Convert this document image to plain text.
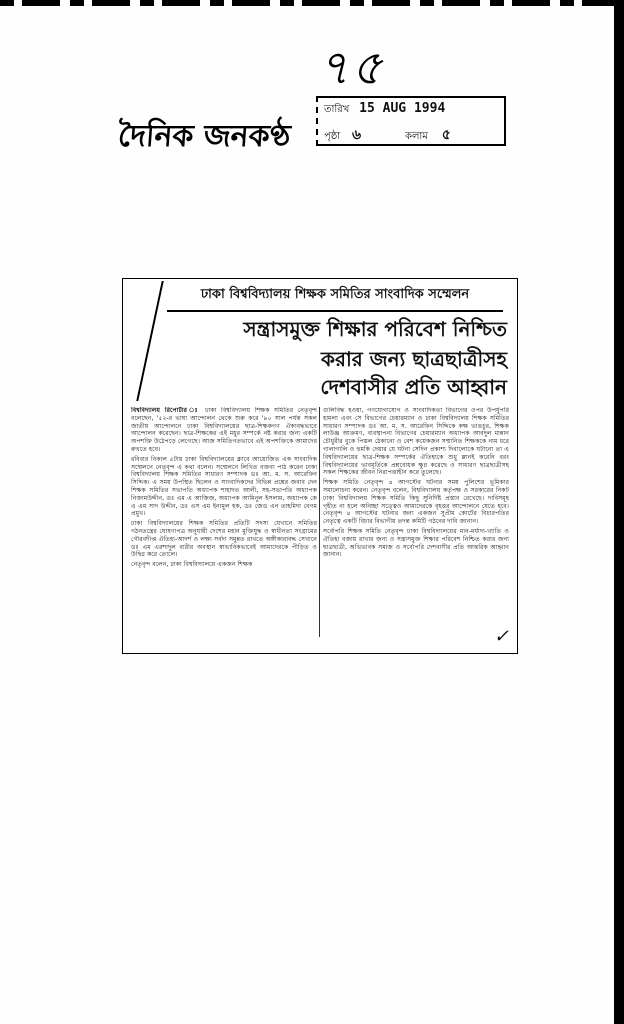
৭৫
দৈনিক জনকণ্ঠ
তারিখ 15 AUG 1994
পৃষ্ঠা ৬	কলাম ৫
ঢাকা বিশ্ববিদ্যালয় শিক্ষক সমিতির সাংবাদিক সম্মেলন
সন্ত্রাসমুক্ত শিক্ষার পরিবেশ নিশ্চিত
করার জন্য ছাত্রছাত্রীসহ
দেশবাসীর প্রতি আহ্বান

বিশ্ববিদ্যালয় রিপোর্টার ঃ ঢাকা বিশ্ববিদ্যালয় শিক্ষক সমিতির নেতৃবৃন্দ বলেছেন, '৫২-র ভাষা আন্দোলন থেকে শুরু করে '৯০ সাল পর্যন্ত সকল জাতীয় আন্দোলনে ঢাকা বিশ্ববিদ্যালয়ের ছাত্র-শিক্ষকগণ ঐক্যবদ্ধভাবে আন্দোলন করেছেন। ছাত্র-শিক্ষকের এই মধুর সম্পর্কে নষ্ট করার জন্য একটি অপশক্তি উঠেপড়ে লেগেছে। আজ সমিতিগতভাবে এই অপশক্তিকে আমাদের রুখতে হবে।

রবিবার বিকাল ৫টায় ঢাকা বিশ্ববিদ্যালয়ের ক্লাবে আয়োজিত এক সাংবাদিক সম্মেলনে নেতৃবৃন্দ এ কথা বলেন। সম্মেলনে লিখিত বক্তব্য পাঠ করেন ঢাকা বিশ্ববিদ্যালয় শিক্ষক সমিতির সাধারণ সম্পাদক ডঃ আ. ম. স. আরেফিন সিদ্দিক। এ সময় উপস্থিত ছিলেন ও সাংবাদিকদের বিভিন্ন প্রশ্নের জবাব দেন শিক্ষক সমিতির সভাপতি অধ্যাপক শাহাদত আলী, সহ-সভাপতি অধ্যাপক নিজামউদ্দীন, ডঃ এম এ আজিজ, অধ্যাপক আমিনুল ইসলাম, অধ্যাপক কে এ এম সাদ উদ্দীন, ডঃ এস এম ইনামুল হক, ডঃ জেড এন তাহমিদা বেগম প্রমুখ।

ঢাকা বিশ্ববিদ্যালয়ের শিক্ষক সমিতির প্রতিটি সদস্য যেখানে সমিতির গঠনতন্ত্রের ঘোষণাপত্র অনুযায়ী দেশের মহান মুক্তিযুদ্ধ ও স্বাধীনতা সংগ্রামের গৌরবদীপ্ত ঐতিহ্য-আদর্শ ও লক্ষ্য সর্বদা সমুন্নত রাখতে অঙ্গীকারাবদ্ধ সেখানে ডঃ এম এরশাদুল বারীর অবস্থান স্বাভাবিকভাবেই আমাদেরকে পীড়িত ও উদ্বিগ্ন করে তোলে।

নেতৃবৃন্দ বলেন, ঢাকা বিশ্ববিদ্যালয়ে একজন শিক্ষক

গুলিবিদ্ধ হওয়া, গণযোগাযোগ ও সাংবাদিকতা বিভাগের ওপর উপর্যুপরি হামলা এবং সে বিভাগের চেয়ারম্যান ও ঢাকা বিশ্ববিদ্যালয় শিক্ষক সমিতির সাধারণ সম্পাদক ডঃ আ. ম. স. আরেফিন সিদ্দিকে কক্ষ ভাঙচুর, শিক্ষক লাউঞ্জ আক্রমণ, ব্যবস্থাপনা বিভাগের চেয়ারম্যান অধ্যাপক আবদুল মান্নান চৌধুরীর বুকে পিস্তল ঠেকানো ও বেশ কয়েকজন সম্মানিত শিক্ষককে নাম ধরে গালাগালি ও হুমকি দেয়ার যে ঘটনা সেদিন প্রকাশ্য দিবালোকে ঘটানো তা এ বিশ্ববিদ্যালয়ের ছাত্র-শিক্ষক সম্পর্কের ঐতিহ্যকে শুধু ম্লানই করেনি বরং বিশ্ববিদ্যালয়ের ভাবমূর্তিকে প্রশ্নবোধক ক্ষুণ্ণ করেছে ও সাধারণ ছাত্রছাত্রীসহ সকল শিক্ষকের জীবন নিরাপত্তাহীন করে তুলেছে।

শিক্ষক সমিতি নেতৃবৃন্দ ৪ আগস্টের ঘটনার সময় পুলিশের ভূমিকার সমালোচনা করেন। নেতৃবৃন্দ বলেন, বিশ্ববিদ্যালয় কর্তৃপক্ষ ও সরকারের নিকট ঢাকা বিশ্ববিদ্যালয় শিক্ষক সমিতি কিছু সুনির্দিষ্ট প্রস্তাব রেখেছে। দাবিসমূহ গৃহীত না হলে অনিচ্ছা সত্ত্বেও আমাদেরকে বৃহত্তর আন্দোলনে যেতে হবে। নেতৃবৃন্দ ৪ আগস্টের ঘটনার জন্য একজন সুপ্রীম কোর্টের বিচারপতির নেতৃত্বে একটি বিচার বিভাগীয় তদন্ত কমিটি গঠনের দাবি জানান।

সর্বোপরি শিক্ষক সমিতি নেতৃবৃন্দ ঢাকা বিশ্ববিদ্যালয়ের মান-মর্যাদা-খ্যাতি ও ঐতিহ্য বজায় রাখার জন্য ও সন্ত্রাসমুক্ত শিক্ষার পরিবেশ নিশ্চিত করার জন্য ছাত্রছাত্রী, অভিভাবক সমাজ ও সর্বোপরি দেশবাসীর প্রতি আন্তরিক আহ্বান জানান।

✓
